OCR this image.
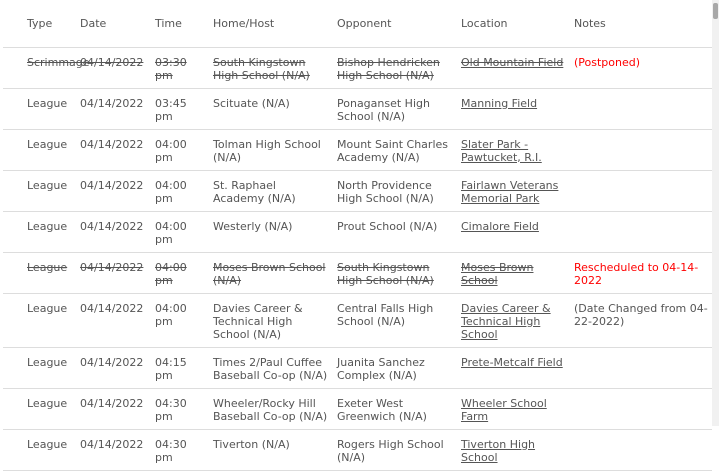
Type	Date	Time	Home/Host	Opponent	Location	Notes
Scrimmage	04/14/2022	03:30 pm	South Kingstown High School (N/A)	Bishop Hendricken High School (N/A)	Old Mountain Field	(Postponed)
League	04/14/2022	03:45 pm	Scituate (N/A)	Ponaganset High School (N/A)	Manning Field	
League	04/14/2022	04:00 pm	Tolman High School (N/A)	Mount Saint Charles Academy (N/A)	Slater Park - Pawtucket, R.I.	
League	04/14/2022	04:00 pm	St. Raphael Academy (N/A)	North Providence High School (N/A)	Fairlawn Veterans Memorial Park	
League	04/14/2022	04:00 pm	Westerly (N/A)	Prout School (N/A)	Cimalore Field	
League	04/14/2022	04:00 pm	Moses Brown School (N/A)	South Kingstown High School (N/A)	Moses Brown School	Rescheduled to 04-14-2022
League	04/14/2022	04:00 pm	Davies Career & Technical High School (N/A)	Central Falls High School (N/A)	Davies Career & Technical High School	(Date Changed from 04-22-2022)
League	04/14/2022	04:15 pm	Times 2/Paul Cuffee Baseball Co-op (N/A)	Juanita Sanchez Complex (N/A)	Prete-Metcalf Field	
League	04/14/2022	04:30 pm	Wheeler/Rocky Hill Baseball Co-op (N/A)	Exeter West Greenwich (N/A)	Wheeler School Farm	
League	04/14/2022	04:30 pm	Tiverton (N/A)	Rogers High School (N/A)	Tiverton High School	
